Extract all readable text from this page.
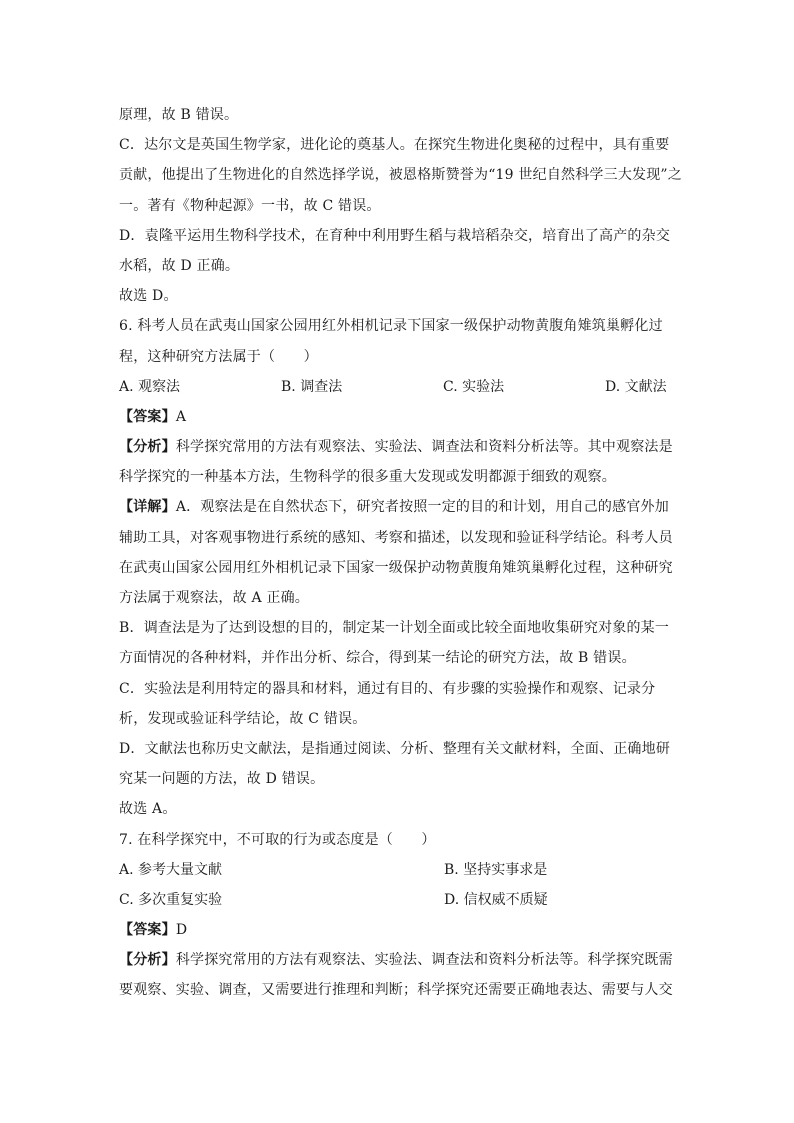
原理，故 B 错误。
C．达尔文是英国生物学家，进化论的奠基人。在探究生物进化奥秘的过程中，具有重要
贡献，他提出了生物进化的自然选择学说，被恩格斯赞誉为“19 世纪自然科学三大发现”之
一。著有《物种起源》一书，故 C 错误。
D．袁隆平运用生物科学技术，在育种中利用野生稻与栽培稻杂交，培育出了高产的杂交
水稻，故 D 正确。
故选 D。
6. 科考人员在武夷山国家公园用红外相机记录下国家一级保护动物黄腹角雉筑巢孵化过
程，这种研究方法属于（　　）
A. 观察法	B. 调查法	C. 实验法	D. 文献法
【答案】A
【分析】科学探究常用的方法有观察法、实验法、调查法和资料分析法等。其中观察法是
科学探究的一种基本方法，生物科学的很多重大发现或发明都源于细致的观察。
【详解】A．观察法是在自然状态下，研究者按照一定的目的和计划，用自己的感官外加
辅助工具，对客观事物进行系统的感知、考察和描述，以发现和验证科学结论。科考人员
在武夷山国家公园用红外相机记录下国家一级保护动物黄腹角雉筑巢孵化过程，这种研究
方法属于观察法，故 A 正确。
B．调查法是为了达到设想的目的，制定某一计划全面或比较全面地收集研究对象的某一
方面情况的各种材料，并作出分析、综合，得到某一结论的研究方法，故 B 错误。
C．实验法是利用特定的器具和材料，通过有目的、有步骤的实验操作和观察、记录分
析，发现或验证科学结论，故 C 错误。
D．文献法也称历史文献法，是指通过阅读、分析、整理有关文献材料，全面、正确地研
究某一问题的方法，故 D 错误。
故选 A。
7. 在科学探究中，不可取的行为或态度是（　　）
A. 参考大量文献	B. 坚持实事求是
C. 多次重复实验	D. 信权威不质疑
【答案】D
【分析】科学探究常用的方法有观察法、实验法、调查法和资料分析法等。科学探究既需
要观察、实验、调查，又需要进行推理和判断；科学探究还需要正确地表达、需要与人交
